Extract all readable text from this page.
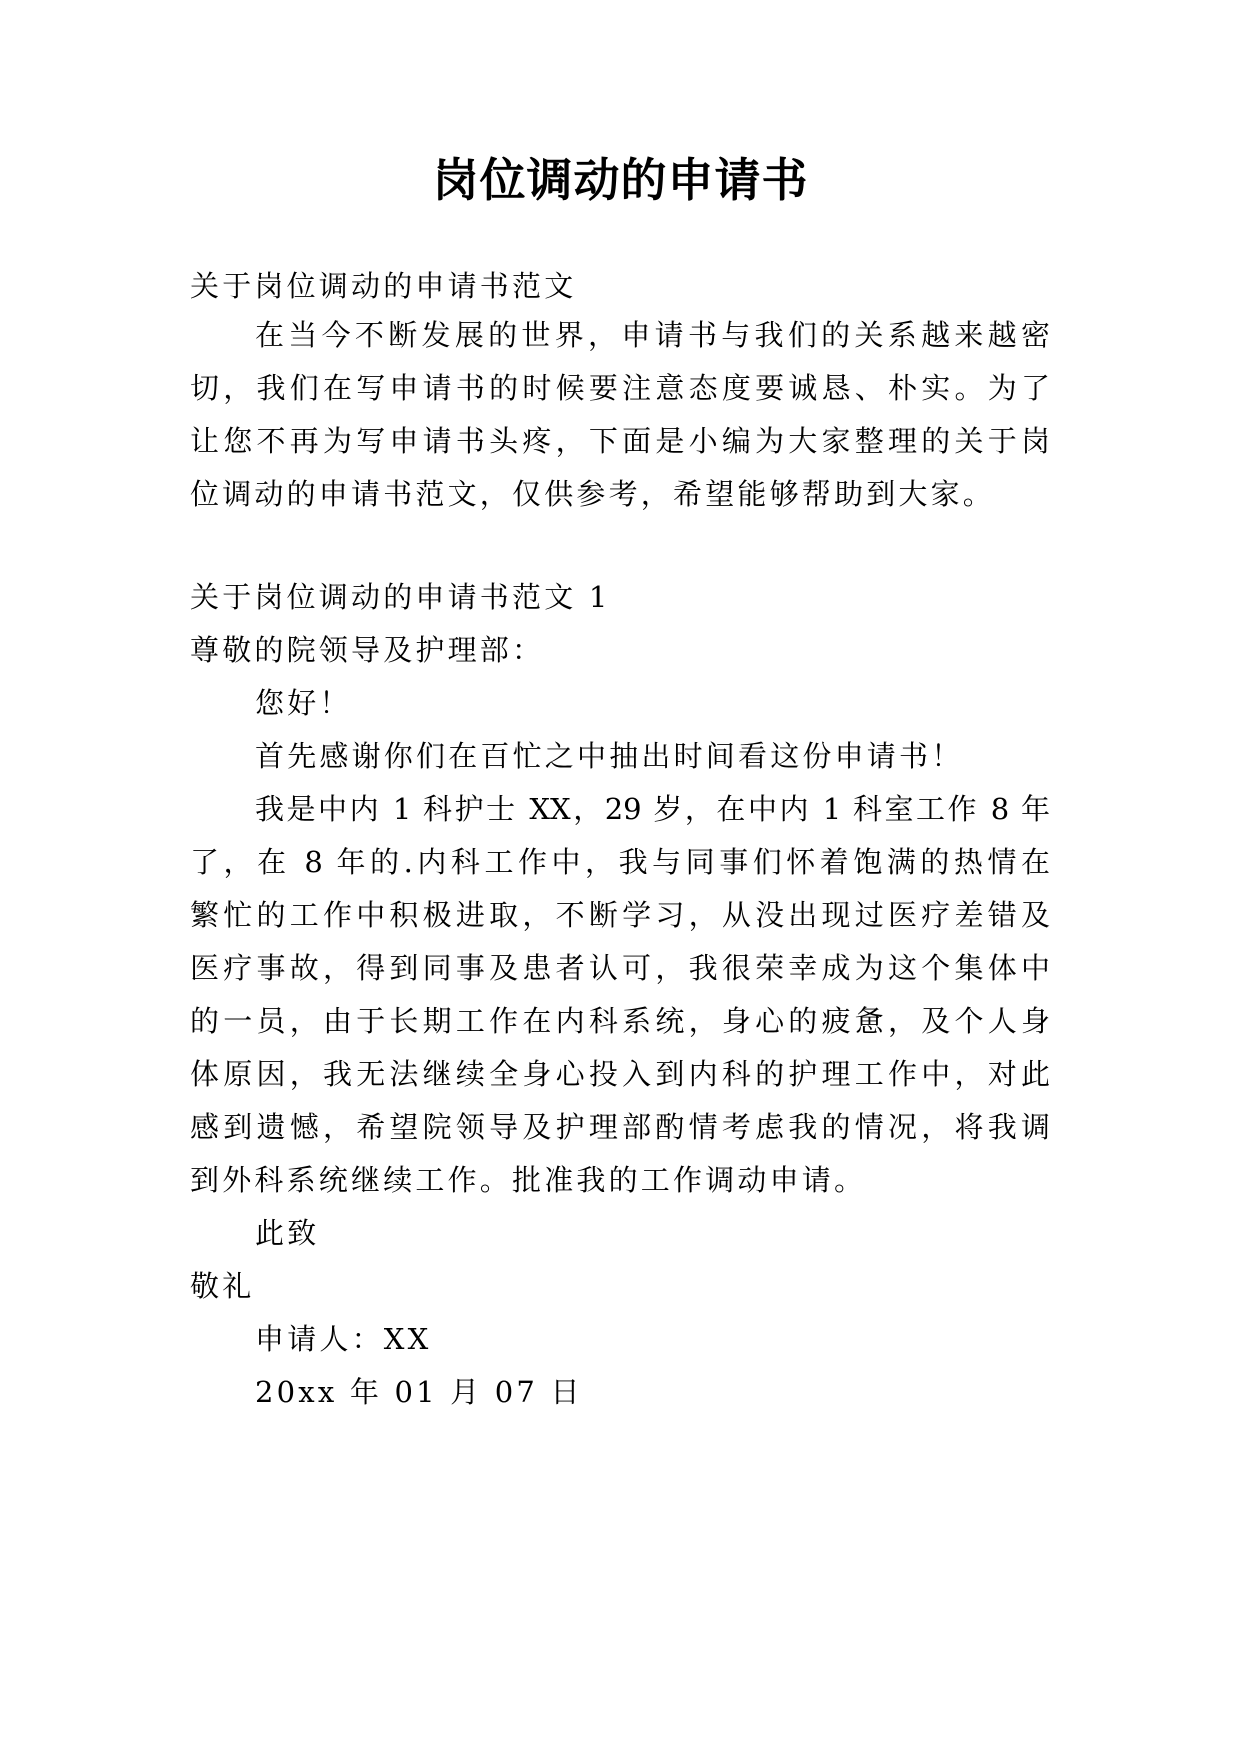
岗位调动的申请书
关于岗位调动的申请书范文
在当今不断发展的世界，申请书与我们的关系越来越密
切，我们在写申请书的时候要注意态度要诚恳、朴实。为了
让您不再为写申请书头疼，下面是小编为大家整理的关于岗
位调动的申请书范文，仅供参考，希望能够帮助到大家。
关于岗位调动的申请书范文 1
尊敬的院领导及护理部：
您好！
首先感谢你们在百忙之中抽出时间看这份申请书！
我是中内 1 科护士 XX，29 岁，在中内 1 科室工作 8 年
了，在 8 年的.内科工作中，我与同事们怀着饱满的热情在
繁忙的工作中积极进取，不断学习，从没出现过医疗差错及
医疗事故，得到同事及患者认可，我很荣幸成为这个集体中
的一员，由于长期工作在内科系统，身心的疲惫，及个人身
体原因，我无法继续全身心投入到内科的护理工作中，对此
感到遗憾，希望院领导及护理部酌情考虑我的情况，将我调
到外科系统继续工作。批准我的工作调动申请。
此致
敬礼
申请人：XX
20xx 年 01 月 07 日
